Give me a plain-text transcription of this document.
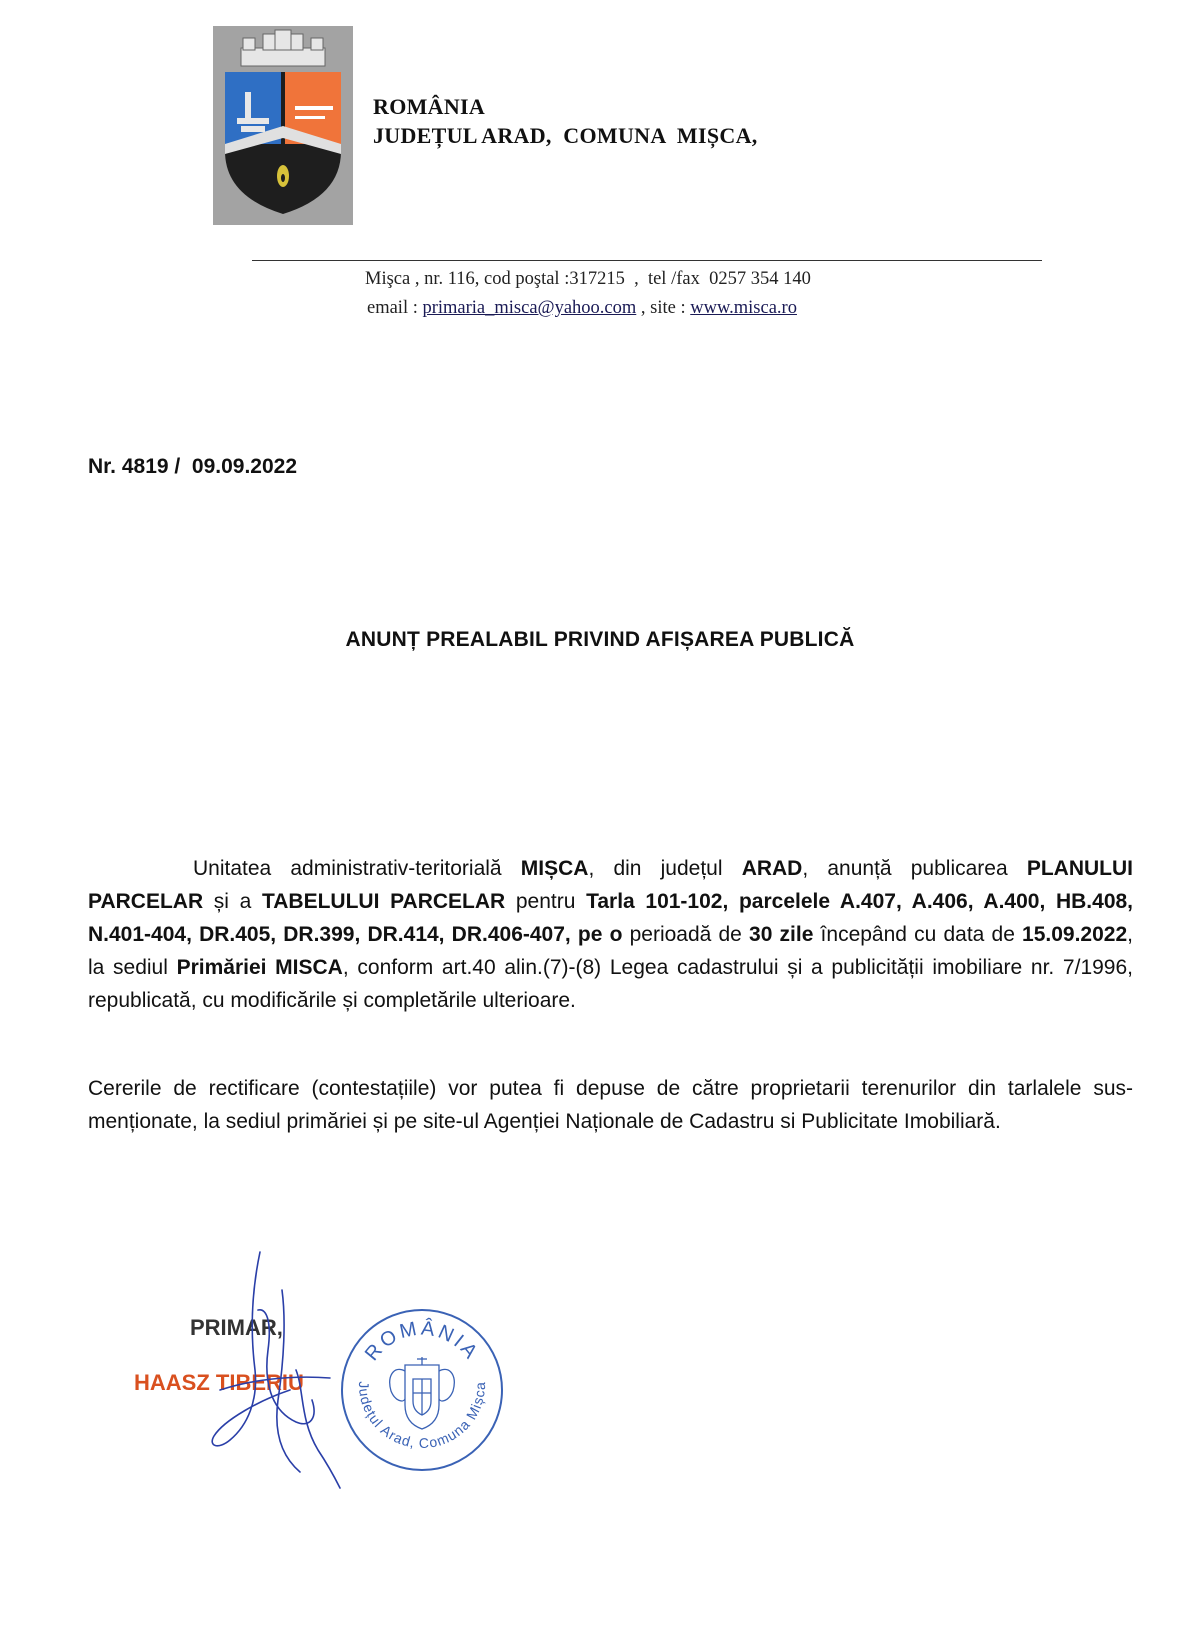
ROMÂNIA
JUDEȚUL ARAD,  COMUNA  MIȘCA,
Mişca , nr. 116, cod poştal :317215  ,  tel /fax  0257 354 140
email : primaria_misca@yahoo.com , site : www.misca.ro
Nr. 4819 /  09.09.2022
ANUNȚ PREALABIL PRIVIND AFIȘAREA PUBLICĂ
Unitatea administrativ-teritorială MIȘCA, din județul ARAD, anunță publicarea PLANULUI PARCELAR și a TABELULUI PARCELAR pentru Tarla 101-102, parcelele A.407, A.406, A.400, HB.408, N.401-404, DR.405, DR.399, DR.414, DR.406-407, pe o perioadă de 30 zile începând cu data de 15.09.2022, la sediul Primăriei MISCA, conform art.40 alin.(7)-(8) Legea cadastrului și a publicității imobiliare nr. 7/1996, republicată, cu modificările și completările ulterioare.
Cererile de rectificare (contestațiile) vor putea fi depuse de către proprietarii terenurilor din tarlalele sus- menționate, la sediul primăriei și pe site-ul Agenției Naționale de Cadastru si Publicitate Imobiliară.
PRIMAR,
HAASZ TIBERIU
ROMÂNIA
Județul Arad, Comuna Mișca
